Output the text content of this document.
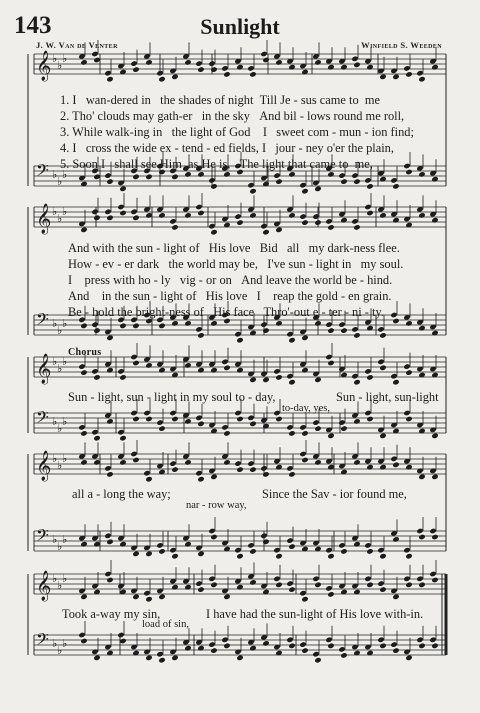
143	Sunlight
J. W. Van de Venter	Winfield S. Weeden
𝄞 ♭
♭
♭
𝄢 ♭
♭
♭
𝄞 ♭
♭
♭
𝄢 ♭
♭
♭
𝄞 ♭
♭
♭
𝄢 ♭
♭
♭
𝄞 ♭
♭
♭
𝄢 ♭
♭
♭
𝄞 ♭
♭
♭
𝄢 ♭
♭
♭
1. I wan-dered in the shades of night Till Je - sus came to me
2. Tho' clouds may gath-er in the sky And bil - lows round me roll,
3. While walk-ing in the light of God I sweet com - mun - ion find;
4. I cross the wide ex - tend - ed fields, I jour - ney o'er the plain,
5. Soon I shall see Him as He is, The light that came to me,
And with the sun - light of His love Bid all my dark-ness flee.
How - ev - er dark the world may be, I've sun - light in my soul.
I press with ho - ly vig - or on And leave the world be - hind.
And in the sun - light of His love I reap the gold - en grain.
Be - hold the bright-ness of His face Thro'-out e - ter - ni - ty.
Chorus
Sun - light, sun - light in my soul to - day,	Sun - light, sun-light
to-day, yes,
all a - long the way;	Since the Sav - ior found me,
nar - row way,
Took a-way my sin,	I have had the sun-light of His love with-in.
load of sin,
